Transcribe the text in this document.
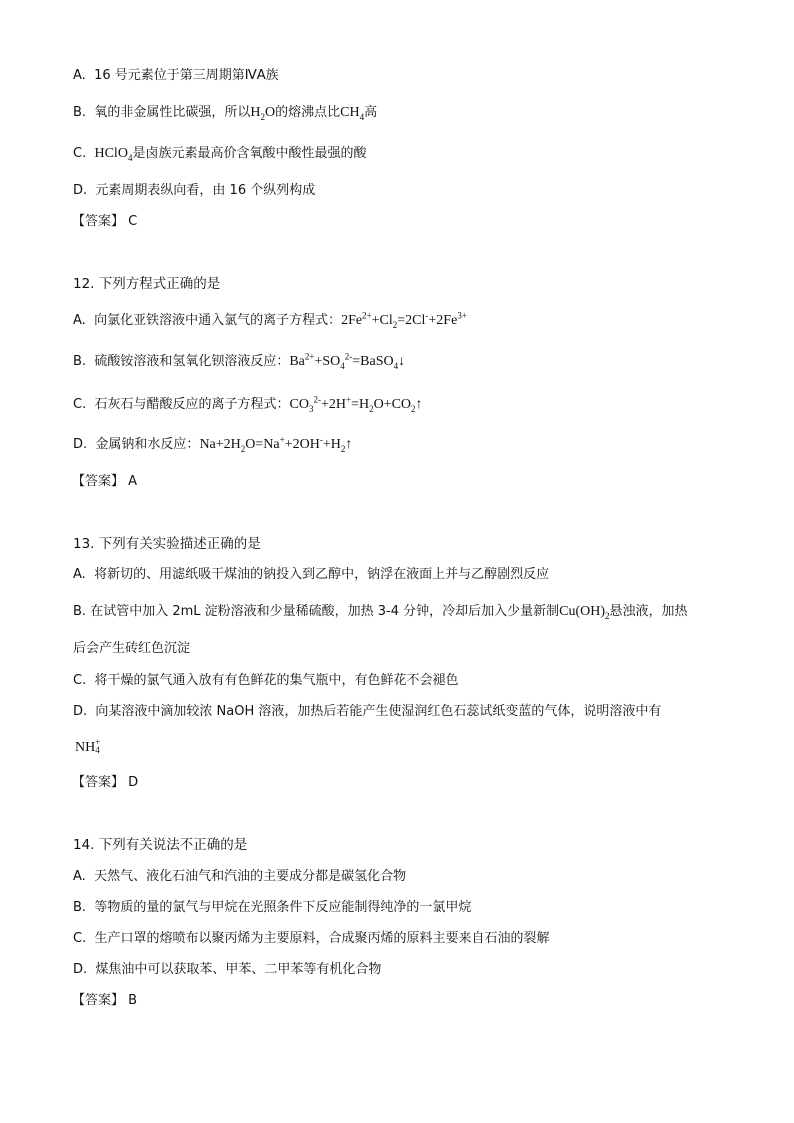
A. 16 号元素位于第三周期第ⅣA族
B. 氧的非金属性比碳强，所以$H_2O$的熔沸点比$CH_4$高
C. HClO$_4$是卤族元素最高价含氧酸中酸性最强的酸
D. 元素周期表纵向看，由 16 个纵列构成
【答案】 C
12. 下列方程式正确的是
A. 向氯化亚铁溶液中通入氯气的离子方程式：$2Fe^{2+}+Cl_2=2Cl^-+2Fe^{3+}$
B. 硫酸铵溶液和氢氧化钡溶液反应：$Ba^{2+}+SO_4^{2-}=BaSO_4↓$
C. 石灰石与醋酸反应的离子方程式：$CO_3^{2-}+2H^+=H_2O+CO_2↑$
D. 金属钠和水反应：$Na+2H_2O=Na^++2OH^-+H_2↑$
【答案】 A
13. 下列有关实验描述正确的是
A. 将新切的、用滤纸吸干煤油的钠投入到乙醇中，钠浮在液面上并与乙醇剧烈反应
B. 在试管中加入 2mL 淀粉溶液和少量稀硫酸，加热 3-4 分钟，冷却后加入少量新制$Cu(OH)_2$悬浊液，加热
后会产生砖红色沉淀
C. 将干燥的氯气通入放有有色鲜花的集气瓶中，有色鲜花不会褪色
D. 向某溶液中滴加较浓 NaOH 溶液，加热后若能产生使湿润红色石蕊试纸变蓝的气体，说明溶液中有
NH +
4
【答案】 D
14. 下列有关说法不正确的是
A. 天然气、液化石油气和汽油的主要成分都是碳氢化合物
B. 等物质的量的氯气与甲烷在光照条件下反应能制得纯净的一氯甲烷
C. 生产口罩的熔喷布以聚丙烯为主要原料，合成聚丙烯的原料主要来自石油的裂解
D. 煤焦油中可以获取苯、甲苯、二甲苯等有机化合物
【答案】 B
